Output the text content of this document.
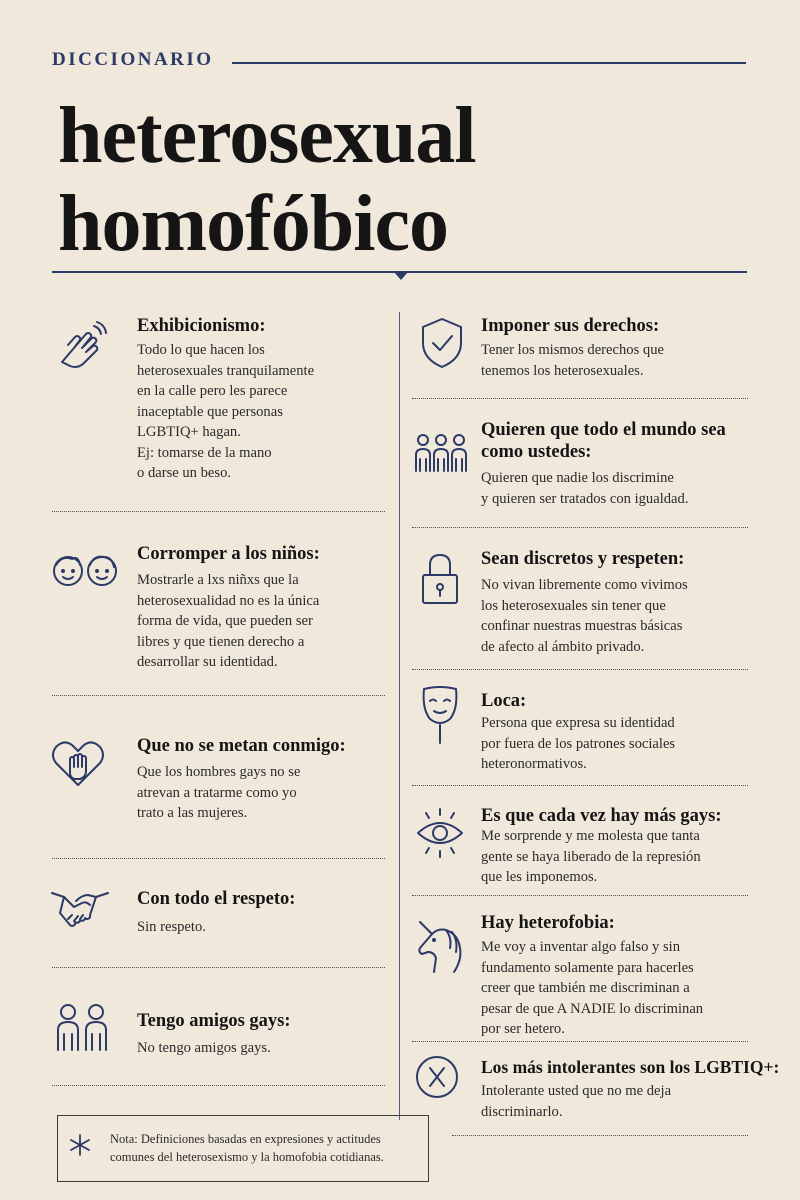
DICCIONARIO
heterosexual
homofóbico
Exhibicionismo:
Todo lo que hacen los
heterosexuales tranquilamente
en la calle pero les parece
inaceptable que personas
LGBTIQ+ hagan.
Ej: tomarse de la mano
o darse un beso.
Corromper a los niños:
Mostrarle a lxs niñxs que la
heterosexualidad no es la única
forma de vida, que pueden ser
libres y que tienen derecho a
desarrollar su identidad.
Que no se metan conmigo:
Que los hombres gays no se
atrevan a tratarme como yo
trato a las mujeres.
Con todo el respeto:
Sin respeto.
Tengo amigos gays:
No tengo amigos gays.
Imponer sus derechos:
Tener los mismos derechos que
tenemos los heterosexuales.
Quieren que todo el mundo sea como ustedes:
Quieren que nadie los discrimine
y quieren ser tratados con igualdad.
Sean discretos y respeten:
No vivan libremente como vivimos
los heterosexuales sin tener que
confinar nuestras muestras básicas
de afecto al ámbito privado.
Loca:
Persona que expresa su identidad
por fuera de los patrones sociales
heteronormativos.
Es que cada vez hay más gays:
Me sorprende y me molesta que tanta
gente se haya liberado de la represión
que les imponemos.
Hay heterofobia:
Me voy a inventar algo falso y sin
fundamento solamente para hacerles
creer que también me discriminan a
pesar de que A NADIE lo discriminan
por ser hetero.
Los más intolerantes son los LGBTIQ+:
Intolerante usted que no me deja
discriminarlo.
Nota: Definiciones basadas en expresiones y actitudes comunes del heterosexismo y la homofobia cotidianas.
